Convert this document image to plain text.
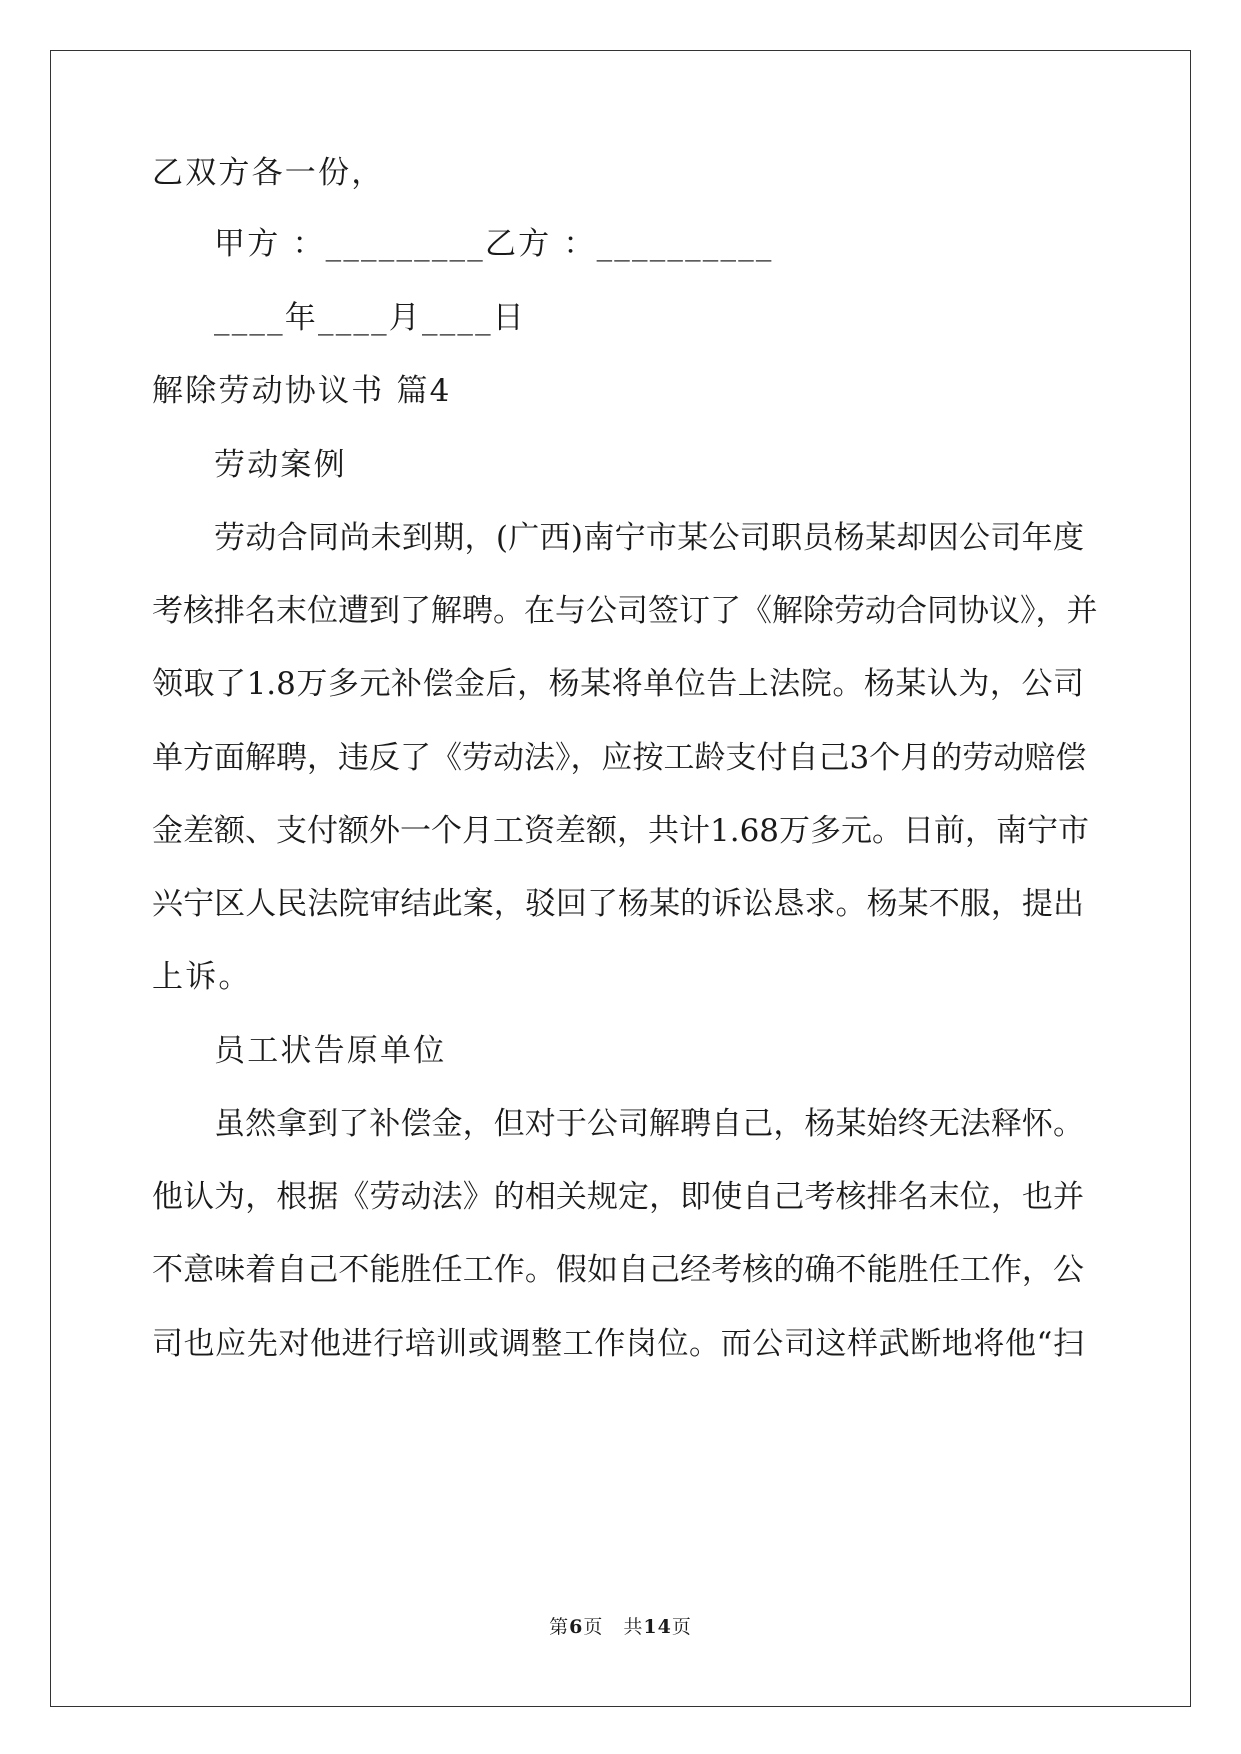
乙双方各一份，
甲方 ：_________乙方 ：__________
____年____月____日
解除劳动协议书 篇4
劳动案例
劳动合同尚未到期，(广西)南宁市某公司职员杨某却因公司年度
考核排名末位遭到了解聘。在与公司签订了《解除劳动合同协议》，并
领取了1.8万多元补偿金后，杨某将单位告上法院。杨某认为，公司
单方面解聘，违反了《劳动法》，应按工龄支付自己3个月的劳动赔偿
金差额、支付额外一个月工资差额，共计1.68万多元。日前，南宁市
兴宁区人民法院审结此案，驳回了杨某的诉讼恳求。杨某不服，提出
上诉。
员工状告原单位
虽然拿到了补偿金，但对于公司解聘自己，杨某始终无法释怀。
他认为，根据《劳动法》的相关规定，即使自己考核排名末位，也并
不意味着自己不能胜任工作。假如自己经考核的确不能胜任工作，公
司也应先对他进行培训或调整工作岗位。而公司这样武断地将他“扫
第6页　共14页
